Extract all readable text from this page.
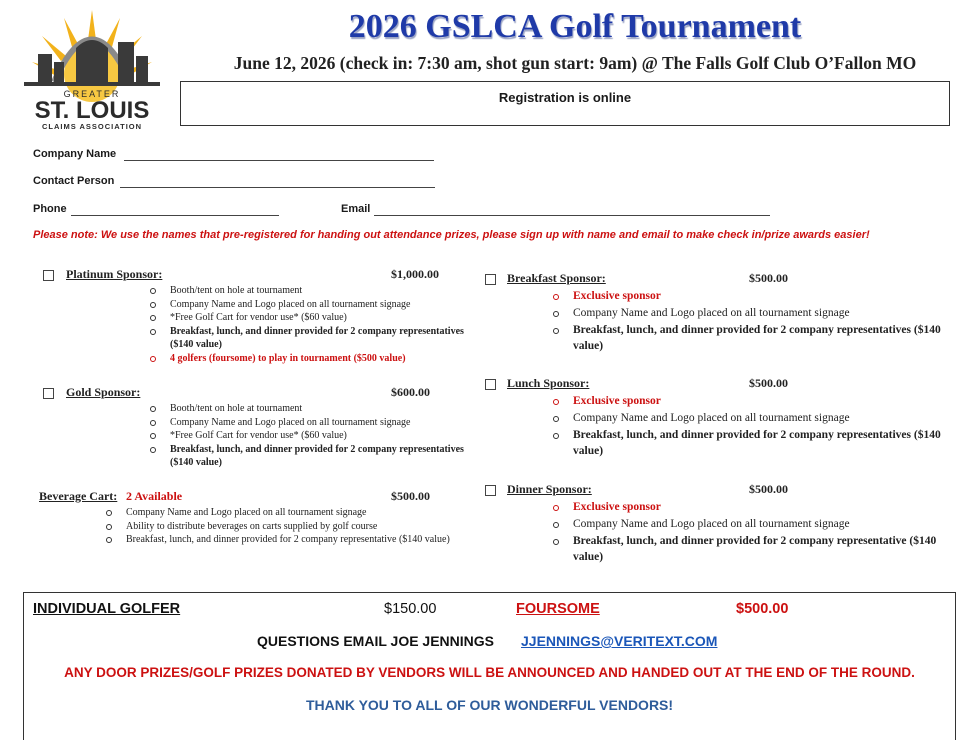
GREATER
ST. LOUIS
CLAIMS ASSOCIATION
2026 GSLCA Golf Tournament
June 12, 2026 (check in: 7:30 am, shot gun start: 9am) @ The Falls Golf Club O’Fallon MO
Registration is online
Company Name
Contact Person
Phone	Email
Please note: We use the names that pre-registered for handing out attendance prizes, please sign up with name and email to make check in/prize awards easier!
Platinum Sponsor:	$1,000.00
Booth/tent on hole at tournament
Company Name and Logo placed on all tournament signage
*Free Golf Cart for vendor use* ($60 value)
Breakfast, lunch, and dinner provided for 2 company representatives ($140 value)
4 golfers (foursome) to play in tournament ($500 value)
Gold Sponsor:	$600.00
Booth/tent on hole at tournament
Company Name and Logo placed on all tournament signage
*Free Golf Cart for vendor use* ($60 value)
Breakfast, lunch, and dinner provided for 2 company representatives ($140 value)
Beverage Cart: 2 Available	$500.00
Company Name and Logo placed on all tournament signage
Ability to distribute beverages on carts supplied by golf course
Breakfast, lunch, and dinner provided for 2 company representative ($140 value)
Breakfast Sponsor:	$500.00
Exclusive sponsor
Company Name and Logo placed on all tournament signage
Breakfast, lunch, and dinner provided for 2 company representatives ($140 value)
Lunch Sponsor:	$500.00
Exclusive sponsor
Company Name and Logo placed on all tournament signage
Breakfast, lunch, and dinner provided for 2 company representatives ($140 value)
Dinner Sponsor:	$500.00
Exclusive sponsor
Company Name and Logo placed on all tournament signage
Breakfast, lunch, and dinner provided for 2 company representative ($140 value)
INDIVIDUAL GOLFER	$150.00	FOURSOME	$500.00
QUESTIONS EMAIL JOE JENNINGS JJENNINGS@VERITEXT.COM
ANY DOOR PRIZES/GOLF PRIZES DONATED BY VENDORS WILL BE ANNOUNCED AND HANDED OUT AT THE END OF THE ROUND.
THANK YOU TO ALL OF OUR WONDERFUL VENDORS!
